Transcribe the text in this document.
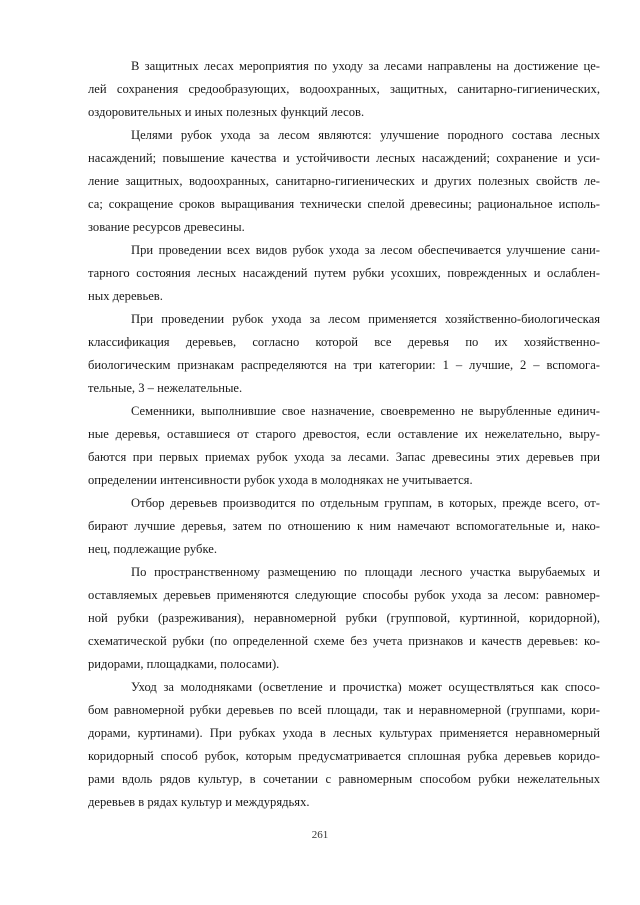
В защитных лесах мероприятия по уходу за лесами направлены на достижение це-
лей сохранения средообразующих, водоохранных, защитных, санитарно-гигиенических,
оздоровительных и иных полезных функций лесов.
Целями рубок ухода за лесом являются: улучшение породного состава лесных
насаждений; повышение качества и устойчивости лесных насаждений; сохранение и уси-
ление защитных, водоохранных, санитарно-гигиенических и других полезных свойств ле-
са; сокращение сроков выращивания технически спелой древесины; рациональное исполь-
зование ресурсов древесины.
При проведении всех видов рубок ухода за лесом обеспечивается улучшение сани-
тарного состояния лесных насаждений путем рубки усохших, поврежденных и ослаблен-
ных деревьев.
При проведении рубок ухода за лесом применяется хозяйственно-биологическая
классификация деревьев, согласно которой все деревья по их хозяйственно-
биологическим признакам распределяются на три категории: 1 – лучшие, 2 – вспомога-
тельные, 3 – нежелательные.
Семенники, выполнившие свое назначение, своевременно не вырубленные единич-
ные деревья, оставшиеся от старого древостоя, если оставление их нежелательно, выру-
баются при первых приемах рубок ухода за лесами. Запас древесины этих деревьев при
определении интенсивности рубок ухода в молодняках не учитывается.
Отбор деревьев производится по отдельным группам, в которых, прежде всего, от-
бирают лучшие деревья, затем по отношению к ним намечают вспомогательные и, нако-
нец, подлежащие рубке.
По пространственному размещению по площади лесного участка вырубаемых и
оставляемых деревьев применяются следующие способы рубок ухода за лесом: равномер-
ной рубки (разреживания), неравномерной рубки (групповой, куртинной, коридорной),
схематической рубки (по определенной схеме без учета признаков и качеств деревьев: ко-
ридорами, площадками, полосами).
Уход за молодняками (осветление и прочистка) может осуществляться как спосо-
бом равномерной рубки деревьев по всей площади, так и неравномерной (группами, кори-
дорами, куртинами). При рубках ухода в лесных культурах применяется неравномерный
коридорный способ рубок, которым предусматривается сплошная рубка деревьев коридо-
рами вдоль рядов культур, в сочетании с равномерным способом рубки нежелательных
деревьев в рядах культур и междурядьях.
261
